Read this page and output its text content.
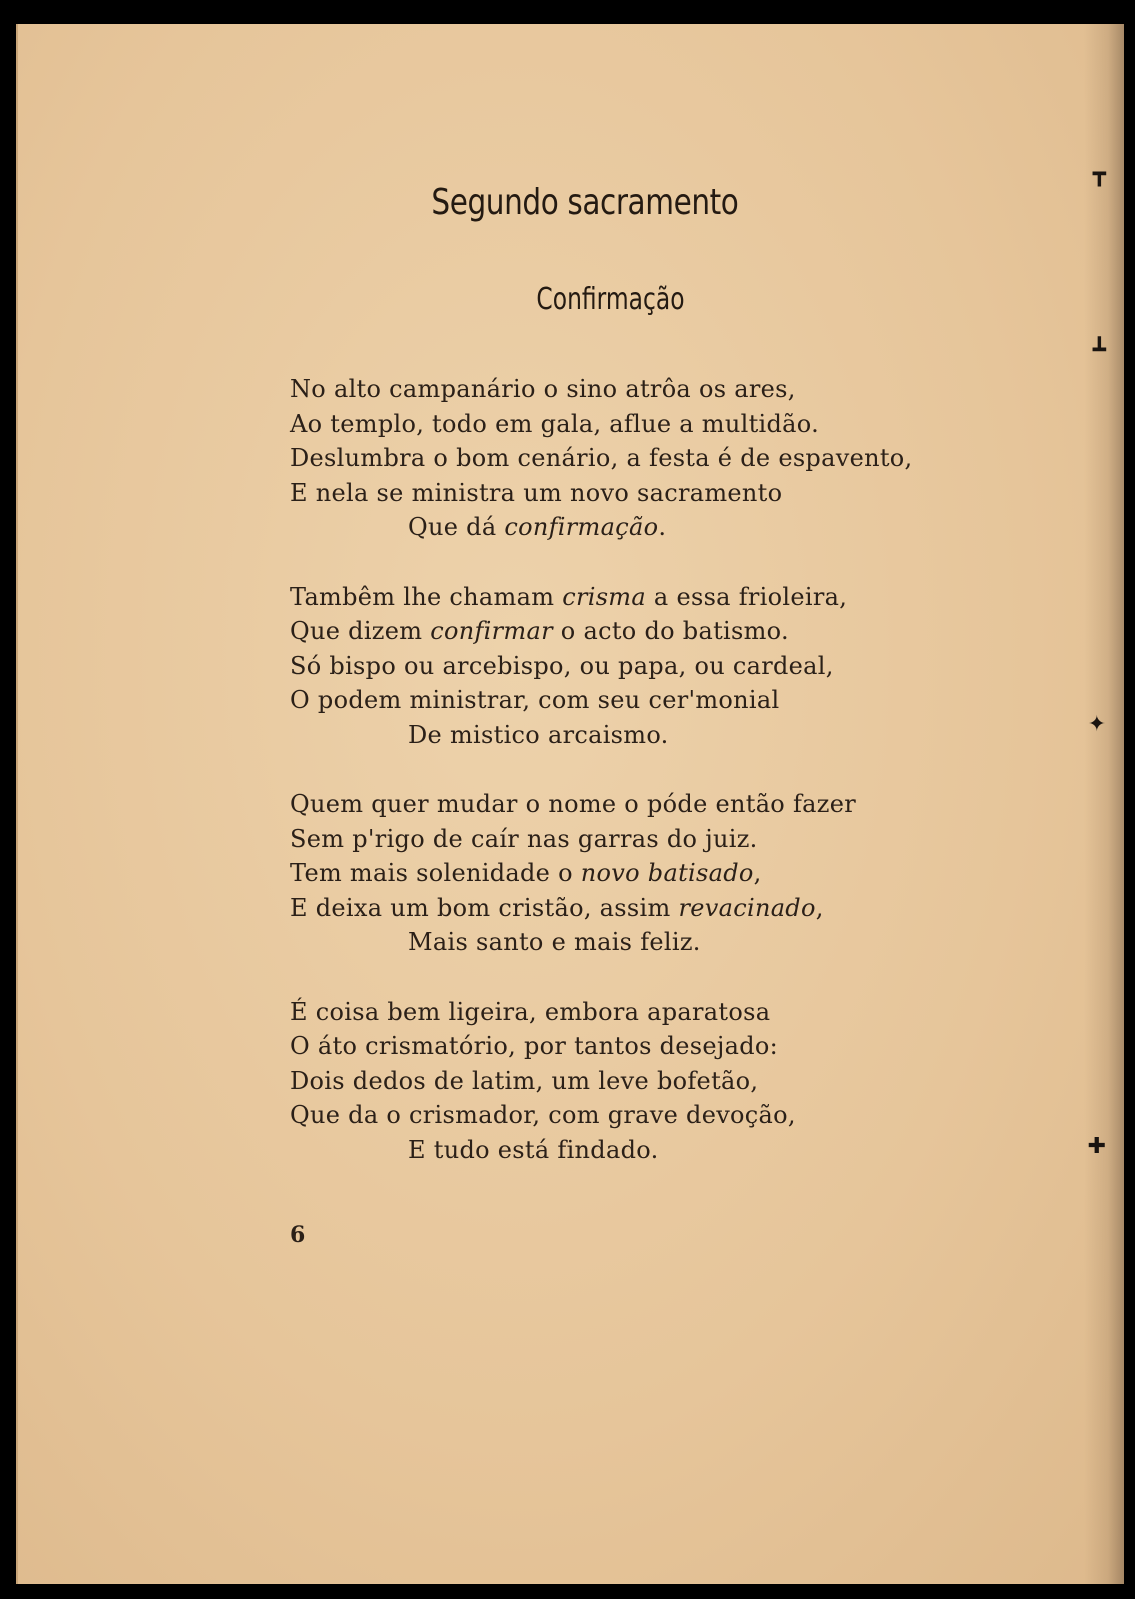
┳
┻
✦
✚
Segundo sacramento
Confirmação
No alto campanário o sino atrôa os ares,
Ao templo, todo em gala, aflue a multidão.
Deslumbra o bom cenário, a festa é de espavento,
E nela se ministra um novo sacramento
Que dá confirmação.
Tambêm lhe chamam crisma a essa frioleira,
Que dizem confirmar o acto do batismo.
Só bispo ou arcebispo, ou papa, ou cardeal,
O podem ministrar, com seu cer'monial
De mistico arcaismo.
Quem quer mudar o nome o póde então fazer
Sem p'rigo de caír nas garras do juiz.
Tem mais solenidade o novo batisado,
E deixa um bom cristão, assim revacinado,
Mais santo e mais feliz.
É coisa bem ligeira, embora aparatosa
O áto crismatório, por tantos desejado:
Dois dedos de latim, um leve bofetão,
Que da o crismador, com grave devoção,
E tudo está findado.
6
